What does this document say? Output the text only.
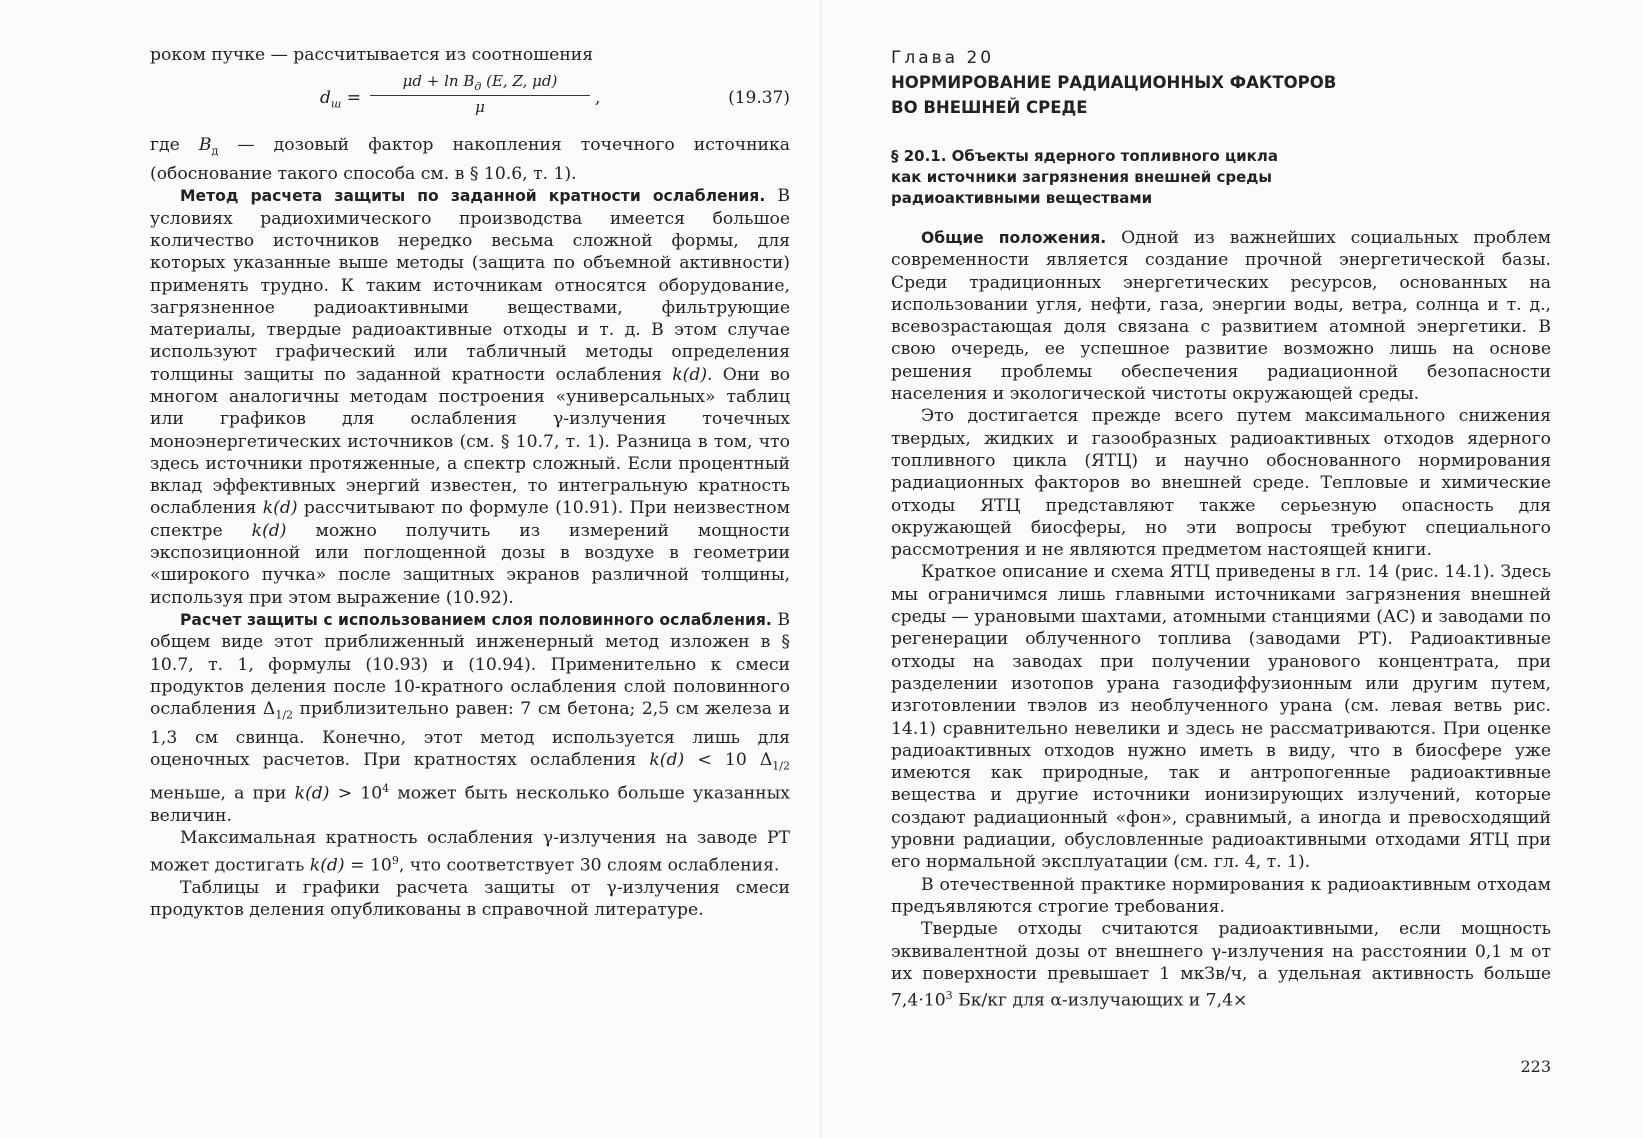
роком пучке — рассчитывается из соотношения

$d_ш$ =
$\mu d + \ln B_д$ (E, Z, μd)
μ	,	(19.37)

где $B_д$ — дозовый фактор накопления точечного источника (обоснование такого способа см. в § 10.6, т. 1).

Метод расчета защиты по заданной кратности ослабления. В условиях радиохимического производства имеется большое количество источников нередко весьма сложной формы, для которых указанные выше методы (защита по объемной активности) применять трудно. К таким источникам относятся оборудование, загрязненное радиоактивными веществами, фильтрующие материалы, твердые радиоактивные отходы и т. д. В этом случае используют графический или табличный методы определения толщины защиты по заданной кратности ослабления k(d). Они во многом аналогичны методам построения «универсальных» таблиц или графиков для ослабления γ-излучения точечных моноэнергетических источников (см. § 10.7, т. 1). Разница в том, что здесь источники протяженные, а спектр сложный. Если процентный вклад эффективных энергий известен, то интегральную кратность ослабления k(d) рассчитывают по формуле (10.91). При неизвестном спектре k(d) можно получить из измерений мощности экспозиционной или поглощенной дозы в воздухе в геометрии «широкого пучка» после защитных экранов различной толщины, используя при этом выражение (10.92).

Расчет защиты с использованием слоя половинного ослабления. В общем виде этот приближенный инженерный метод изложен в § 10.7, т. 1, формулы (10.93) и (10.94). Применительно к смеси продуктов деления после 10-кратного ослабления слой половинного ослабления $\Delta_{1/2}$ приблизительно равен: 7 см бетона; 2,5 см железа и 1,3 см свинца. Конечно, этот метод используется лишь для оценочных расчетов. При кратностях ослабления k(d) < 10 $\Delta_{1/2}$ меньше, а при $k(d) > 10^4$ может быть несколько больше указанных величин.

Максимальная кратность ослабления γ-излучения на заводе РТ может достигать $k(d) = 10^9$, что соответствует 30 слоям ослабления.

Таблицы и графики расчета защиты от γ-излучения смеси продуктов деления опубликованы в справочной литературе.

Глава 20
НОРМИРОВАНИЕ РАДИАЦИОННЫХ ФАКТОРОВ
ВО ВНЕШНЕЙ СРЕДЕ
§ 20.1. Объекты ядерного топливного цикла
как источники загрязнения внешней среды
радиоактивными веществами

Общие положения. Одной из важнейших социальных проблем современности является создание прочной энергетической базы. Среди традиционных энергетических ресурсов, основанных на использовании угля, нефти, газа, энергии воды, ветра, солнца и т. д., всевозрастающая доля связана с развитием атомной энергетики. В свою очередь, ее успешное развитие возможно лишь на основе решения проблемы обеспечения радиационной безопасности населения и экологической чистоты окружающей среды.

Это достигается прежде всего путем максимального снижения твердых, жидких и газообразных радиоактивных отходов ядерного топливного цикла (ЯТЦ) и научно обоснованного нормирования радиационных факторов во внешней среде. Тепловые и химические отходы ЯТЦ представляют также серьезную опасность для окружающей биосферы, но эти вопросы требуют специального рассмотрения и не являются предметом настоящей книги.

Краткое описание и схема ЯТЦ приведены в гл. 14 (рис. 14.1). Здесь мы ограничимся лишь главными источниками загрязнения внешней среды — урановыми шахтами, атомными станциями (АС) и заводами по регенерации облученного топлива (заводами РТ). Радиоактивные отходы на заводах при получении уранового концентрата, при разделении изотопов урана газодиффузионным или другим путем, изготовлении твэлов из необлученного урана (см. левая ветвь рис. 14.1) сравнительно невелики и здесь не рассматриваются. При оценке радиоактивных отходов нужно иметь в виду, что в биосфере уже имеются как природные, так и антропогенные радиоактивные вещества и другие источники ионизирующих излучений, которые создают радиационный «фон», сравнимый, а иногда и превосходящий уровни радиации, обусловленные радиоактивными отходами ЯТЦ при его нормальной эксплуатации (см. гл. 4, т. 1).

В отечественной практике нормирования к радиоактивным отходам предъявляются строгие требования.

Твердые отходы считаются радиоактивными, если мощность эквивалентной дозы от внешнего γ-излучения на расстоянии 0,1 м от их поверхности превышает 1 мкЗв/ч, а удельная активность больше $7,4\cdot 10^3$ Бк/кг для α-излучающих и 7,4×

223
